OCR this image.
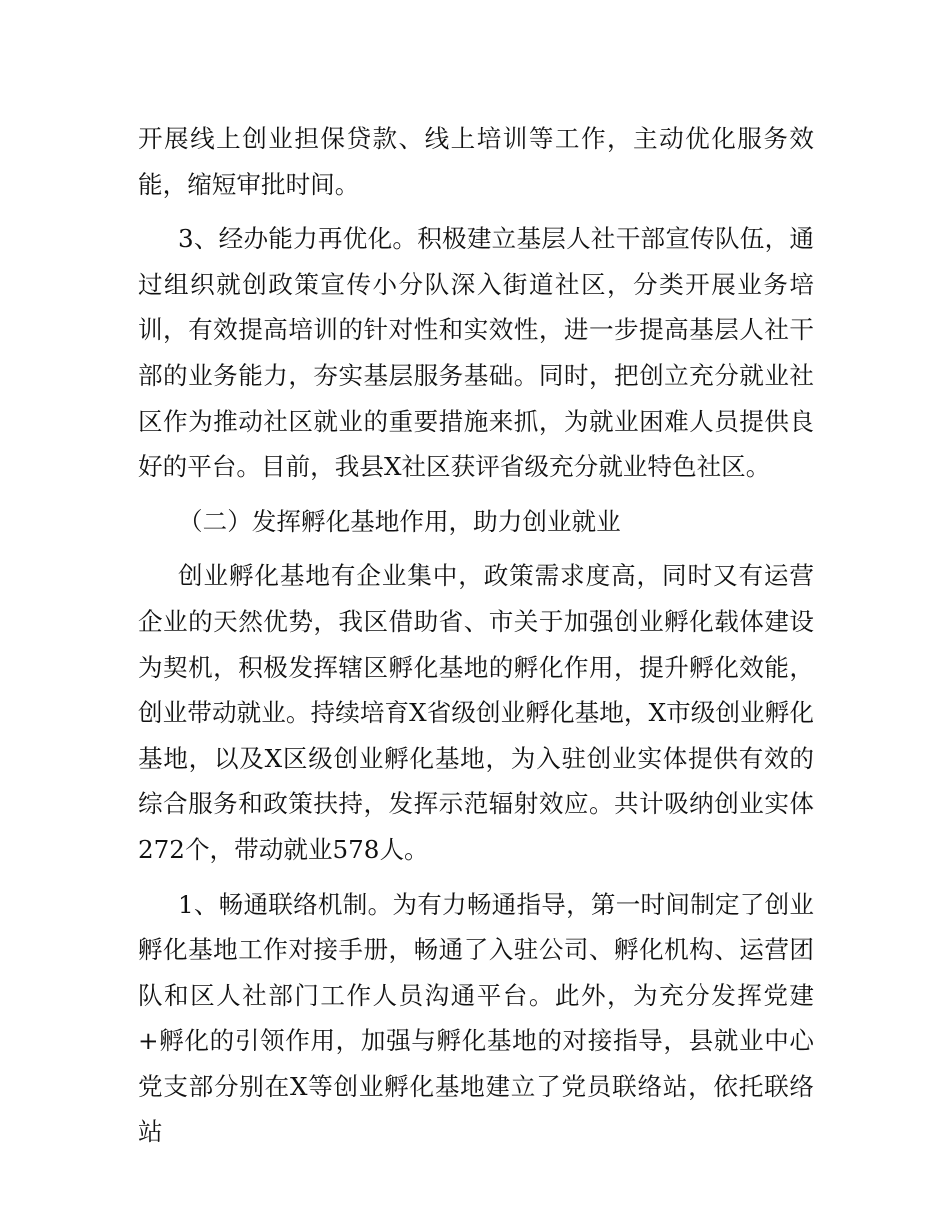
开展线上创业担保贷款、线上培训等工作，主动优化服务效能，缩短审批时间。

3、经办能力再优化。积极建立基层人社干部宣传队伍，通过组织就创政策宣传小分队深入街道社区，分类开展业务培训，有效提高培训的针对性和实效性，进一步提高基层人社干部的业务能力，夯实基层服务基础。同时，把创立充分就业社区作为推动社区就业的重要措施来抓，为就业困难人员提供良好的平台。目前，我县X社区获评省级充分就业特色社区。

（二）发挥孵化基地作用，助力创业就业

创业孵化基地有企业集中，政策需求度高，同时又有运营企业的天然优势，我区借助省、市关于加强创业孵化载体建设为契机，积极发挥辖区孵化基地的孵化作用，提升孵化效能，创业带动就业。持续培育X省级创业孵化基地，X市级创业孵化基地，以及X区级创业孵化基地，为入驻创业实体提供有效的综合服务和政策扶持，发挥示范辐射效应。共计吸纳创业实体272个，带动就业578人。

1、畅通联络机制。为有力畅通指导，第一时间制定了创业孵化基地工作对接手册，畅通了入驻公司、孵化机构、运营团队和区人社部门工作人员沟通平台。此外，为充分发挥党建+孵化的引领作用，加强与孵化基地的对接指导，县就业中心党支部分别在X等创业孵化基地建立了党员联络站，依托联络站
